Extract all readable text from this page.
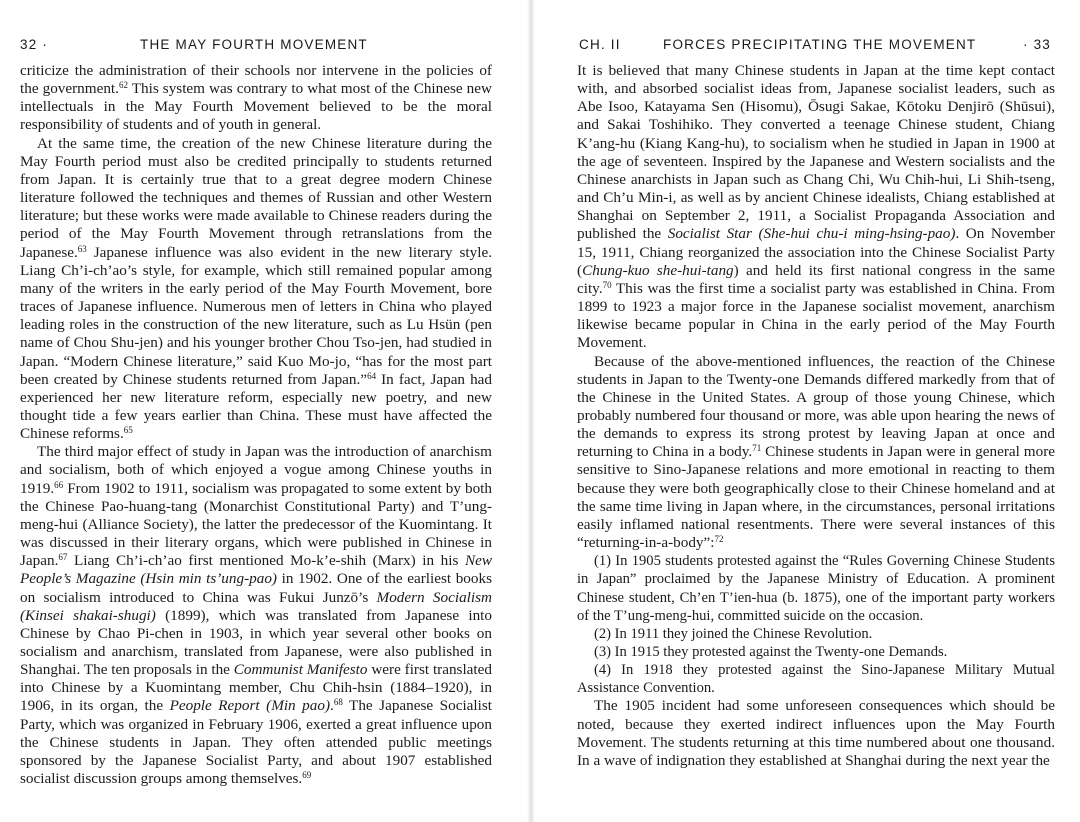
32 ·	THE MAY FOURTH MOVEMENT

criticize the administration of their schools nor intervene in the policies of the government.$^{62}$ This system was contrary to what most of the Chinese new intellectuals in the May Fourth Movement believed to be the moral responsibility of students and of youth in general.

At the same time, the creation of the new Chinese literature during the May Fourth period must also be credited principally to students returned from Japan. It is certainly true that to a great degree modern Chinese literature followed the techniques and themes of Russian and other Western literature; but these works were made available to Chinese readers during the period of the May Fourth Movement through retranslations from the Japanese.$^{63}$ Japanese influence was also evident in the new literary style. Liang Ch’i-ch’ao’s style, for example, which still remained popular among many of the writers in the early period of the May Fourth Movement, bore traces of Japanese influence. Numerous men of letters in China who played leading roles in the construction of the new literature, such as Lu Hsün (pen name of Chou Shu-jen) and his younger brother Chou Tso-jen, had studied in Japan. “Modern Chinese literature,” said Kuo Mo-jo, “has for the most part been created by Chinese students returned from Japan.”$^{64}$ In fact, Japan had experienced her new literature reform, especially new poetry, and new thought tide a few years earlier than China. These must have affected the Chinese reforms.$^{65}$

The third major effect of study in Japan was the introduction of anarchism and socialism, both of which enjoyed a vogue among Chinese youths in 1919.66 From 1902 to 1911, socialism was propagated to some extent by both the Chinese Pao-huang-tang (Monarchist Constitutional Party) and T’ung-meng-hui (Alliance Society), the latter the predecessor of the Kuomintang. It was discussed in their literary organs, which were published in Chinese in Japan.$^{67}$ Liang Ch’i-ch’ao first mentioned Mo-k’e-shih (Marx) in his New People’s Magazine (Hsin min ts’ung-pao) in 1902. One of the earliest books on socialism introduced to China was Fukui Junzō’s Modern Socialism (Kinsei shakai-shugi) (1899), which was translated from Japanese into Chinese by Chao Pi-chen in 1903, in which year several other books on socialism and anarchism, translated from Japanese, were also published in Shanghai. The ten proposals in the Communist Manifesto were first translated into Chinese by a Kuomintang member, Chu Chih-hsin (1884–1920), in 1906, in its organ, the People Report (Min pao).$^{68}$ The Japanese Socialist Party, which was organized in February 1906, exerted a great influence upon the Chinese students in Japan. They often attended public meetings sponsored by the Japanese Socialist Party, and about 1907 established socialist discussion groups among themselves.$^{69}$

CH. II	FORCES PRECIPITATING THE MOVEMENT	· 33

It is believed that many Chinese students in Japan at the time kept contact with, and absorbed socialist ideas from, Japanese socialist leaders, such as Abe Isoo, Katayama Sen (Hisomu), Ōsugi Sakae, Kōtoku Denjirō (Shūsui), and Sakai Toshihiko. They converted a teenage Chinese student, Chiang K’ang-hu (Kiang Kang-hu), to socialism when he studied in Japan in 1900 at the age of seventeen. Inspired by the Japanese and Western socialists and the Chinese anarchists in Japan such as Chang Chi, Wu Chih-hui, Li Shih-tseng, and Ch’u Min-i, as well as by ancient Chinese idealists, Chiang established at Shanghai on September 2, 1911, a Socialist Propaganda Association and published the Socialist Star (She-hui chu-i ming-hsing-pao). On November 15, 1911, Chiang reorganized the association into the Chinese Socialist Party (Chung-kuo she-hui-tang) and held its first national congress in the same city.$^{70}$ This was the first time a socialist party was established in China. From 1899 to 1923 a major force in the Japanese socialist movement, anarchism likewise became popular in China in the early period of the May Fourth Movement.

Because of the above-mentioned influences, the reaction of the Chinese students in Japan to the Twenty-one Demands differed markedly from that of the Chinese in the United States. A group of those young Chinese, which probably numbered four thousand or more, was able upon hearing the news of the demands to express its strong protest by leaving Japan at once and returning to China in a body.$^{71}$ Chinese students in Japan were in general more sensitive to Sino-Japanese relations and more emotional in reacting to them because they were both geographically close to their Chinese homeland and at the same time living in Japan where, in the circumstances, personal irritations easily inflamed national resentments. There were several instances of this “returning-in-a-body”:$^{72}$

(1) In 1905 students protested against the “Rules Governing Chinese Students in Japan” proclaimed by the Japanese Ministry of Education. A prominent Chinese student, Ch’en T’ien-hua (b. 1875), one of the important party workers of the T’ung-meng-hui, committed suicide on the occasion.

(2) In 1911 they joined the Chinese Revolution.

(3) In 1915 they protested against the Twenty-one Demands.

(4) In 1918 they protested against the Sino-Japanese Military Mutual Assistance Convention.

The 1905 incident had some unforeseen consequences which should be noted, because they exerted indirect influences upon the May Fourth Movement. The students returning at this time numbered about one thousand. In a wave of indignation they established at Shanghai during the next year the
